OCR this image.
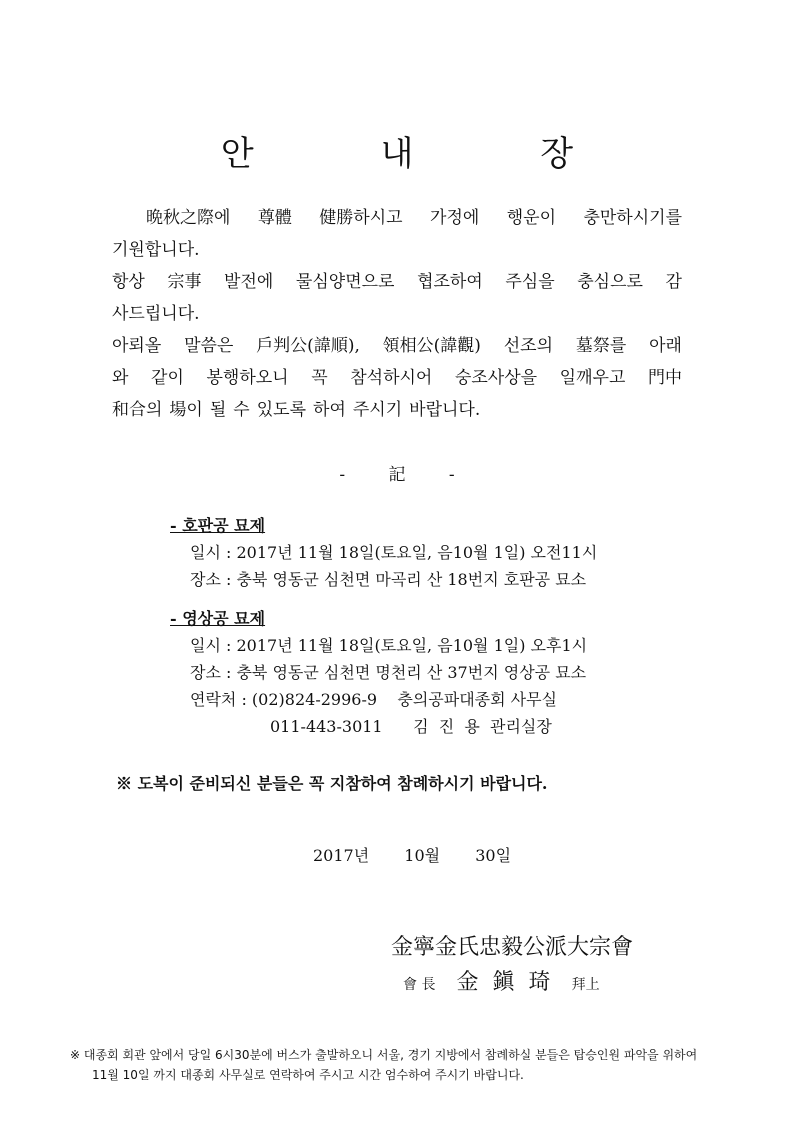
안 내 장
晩秋之際에 尊體 健勝하시고 가정에 행운이 충만하시기를
기원합니다.
항상 宗事 발전에 물심양면으로 협조하여 주심을 충심으로 감
사드립니다.
아뢰올 말씀은 戶判公(諱順), 領相公(諱觀) 선조의 墓祭를 아래
와 같이 봉행하오니 꼭 참석하시어 숭조사상을 일깨우고 門中
和合의 場이 될 수 있도록 하여 주시기 바랍니다.
-	記	-
- 호판공 묘제
일시 : 2017년 11월 18일(토요일, 음10월 1일) 오전11시
장소 : 충북 영동군 심천면 마곡리 산 18번지 호판공 묘소
- 영상공 묘제
일시 : 2017년 11월 18일(토요일, 음10월 1일) 오후1시
장소 : 충북 영동군 심천면 명천리 산 37번지 영상공 묘소
연락처 : (02)824-2996-9    충의공파대종회 사무실
011-443-3011      김  진  용  관리실장
※ 도복이 준비되신 분들은 꼭 지참하여 참례하시기 바랍니다.
2017년 10월 30일
金寧金氏忠毅公派大宗會
會 長 金  鎭  琦 拜上
※ 대종회 회관 앞에서 당일 6시30분에 버스가 출발하오니 서울, 경기 지방에서 참례하실 분들은 탑승인원 파악을 위하여
11월 10일 까지 대종회 사무실로 연락하여 주시고 시간 엄수하여 주시기 바랍니다.
